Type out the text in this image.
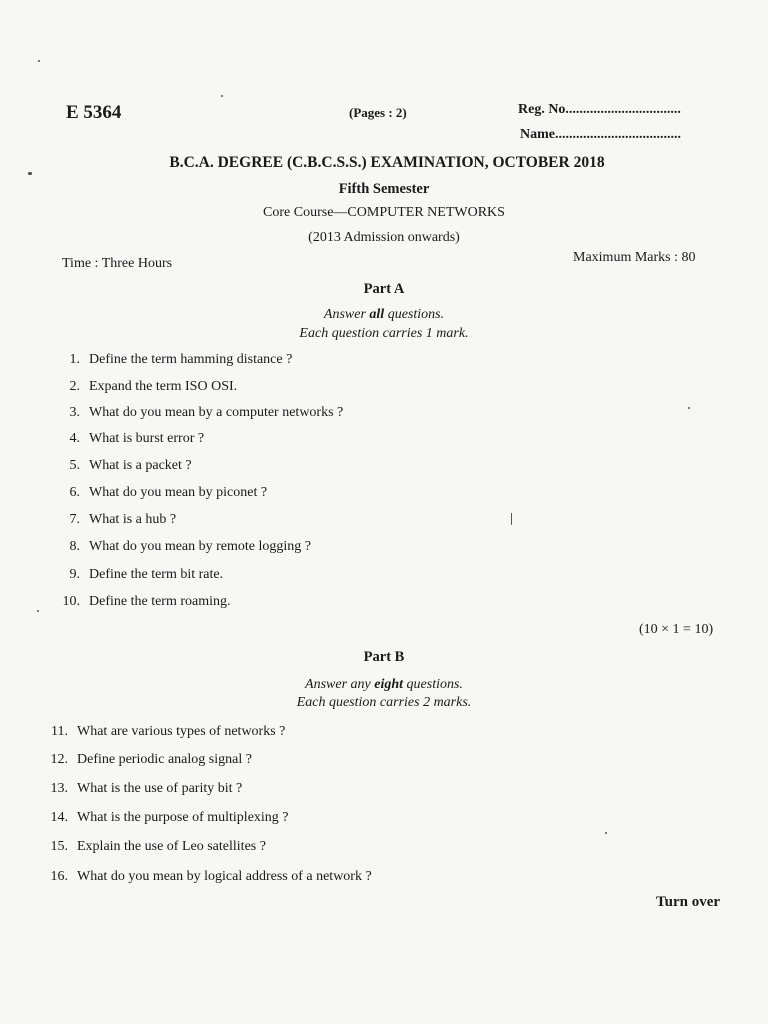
E 5364	(Pages : 2)	Reg. No.................................
Name....................................
B.C.A. DEGREE (C.B.C.S.S.) EXAMINATION, OCTOBER 2018
Fifth Semester
Core Course—COMPUTER NETWORKS
(2013 Admission onwards)
Time : Three Hours	Maximum Marks : 80
Part A
Answer all questions.
Each question carries 1 mark.
1. Define the term hamming distance ?
2. Expand the term ISO OSI.
3. What do you mean by a computer networks ?
4. What is burst error ?
5. What is a packet ?
6. What do you mean by piconet ?
7. What is a hub ?
8. What do you mean by remote logging ?
9. Define the term bit rate.
10. Define the term roaming.
(10 × 1 = 10)
Part B
Answer any eight questions.
Each question carries 2 marks.
11. What are various types of networks ?
12. Define periodic analog signal ?
13. What is the use of parity bit ?
14. What is the purpose of multiplexing ?
15. Explain the use of Leo satellites ?
16. What do you mean by logical address of a network ?
Turn over
